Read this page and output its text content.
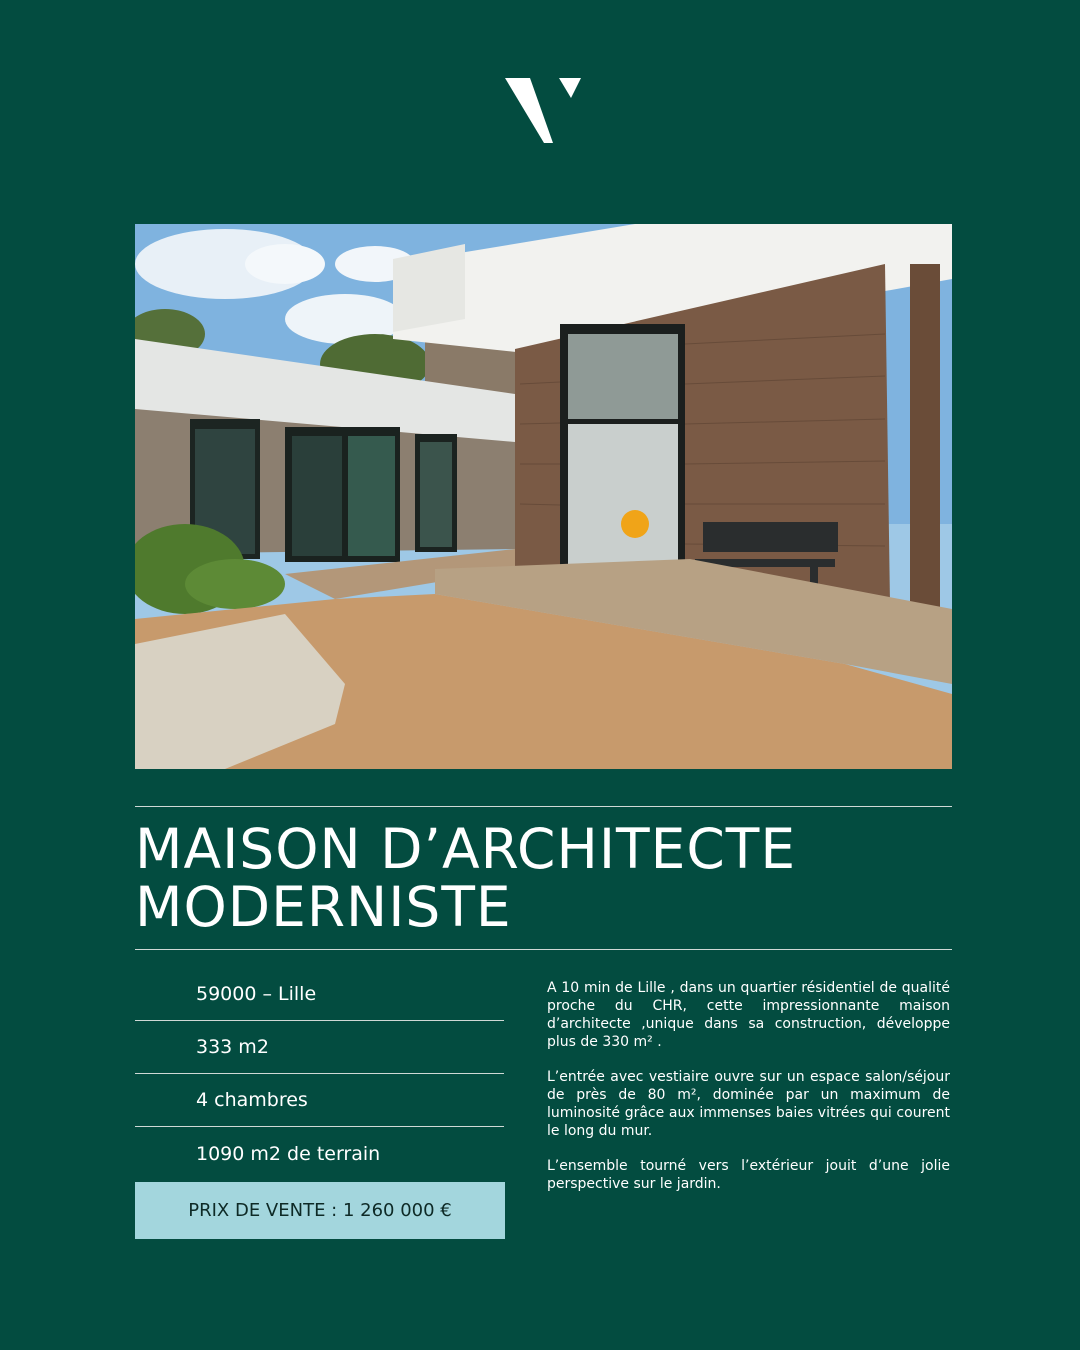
MAISON D’ARCHITECTE
MODERNISTE
59000 – Lille
333 m2
4 chambres
1090 m2 de terrain
PRIX DE VENTE : 1 260 000 €

A 10 min de Lille , dans un quartier résidentiel de qualité proche du CHR, cette impressionnante maison d’architecte ,unique dans sa construction, développe plus de 330 m² .

L’entrée avec vestiaire ouvre sur un espace salon/séjour de près de 80 m², dominée par un maximum de luminosité grâce aux immenses baies vitrées qui courent le long du mur.

L’ensemble tourné vers l’extérieur jouit d’une jolie perspective sur le jardin.
